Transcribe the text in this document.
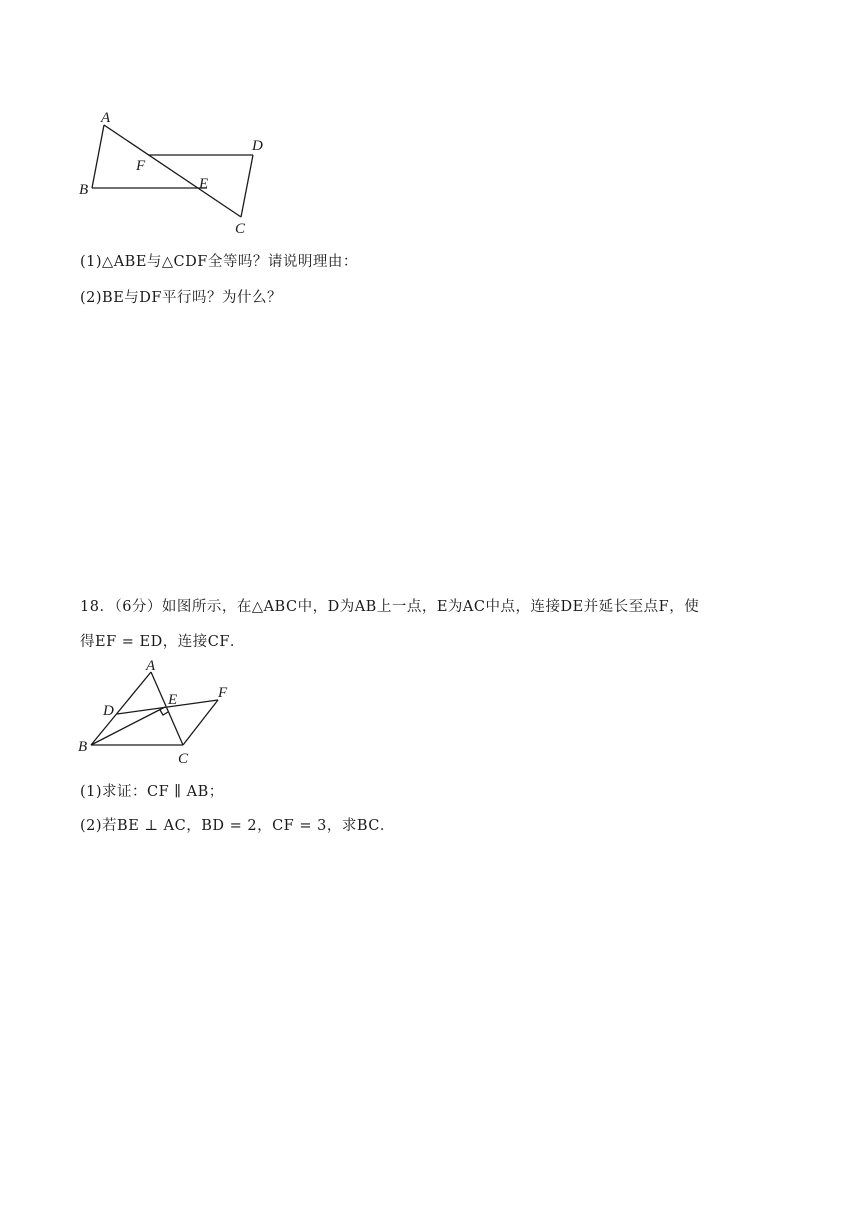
A
B
F
E
D
C
(1)△ABE与△CDF全等吗？请说明理由：
(2)BE与DF平行吗？为什么？
18．（6分）如图所示，在△ABC中，D为AB上一点，E为AC中点，连接DE并延长至点F，使
得EF = ED，连接CF．
A
D
E	F
B
C
(1)求证：CF ∥ AB；
(2)若BE ⊥ AC，BD = 2，CF = 3，求BC．
